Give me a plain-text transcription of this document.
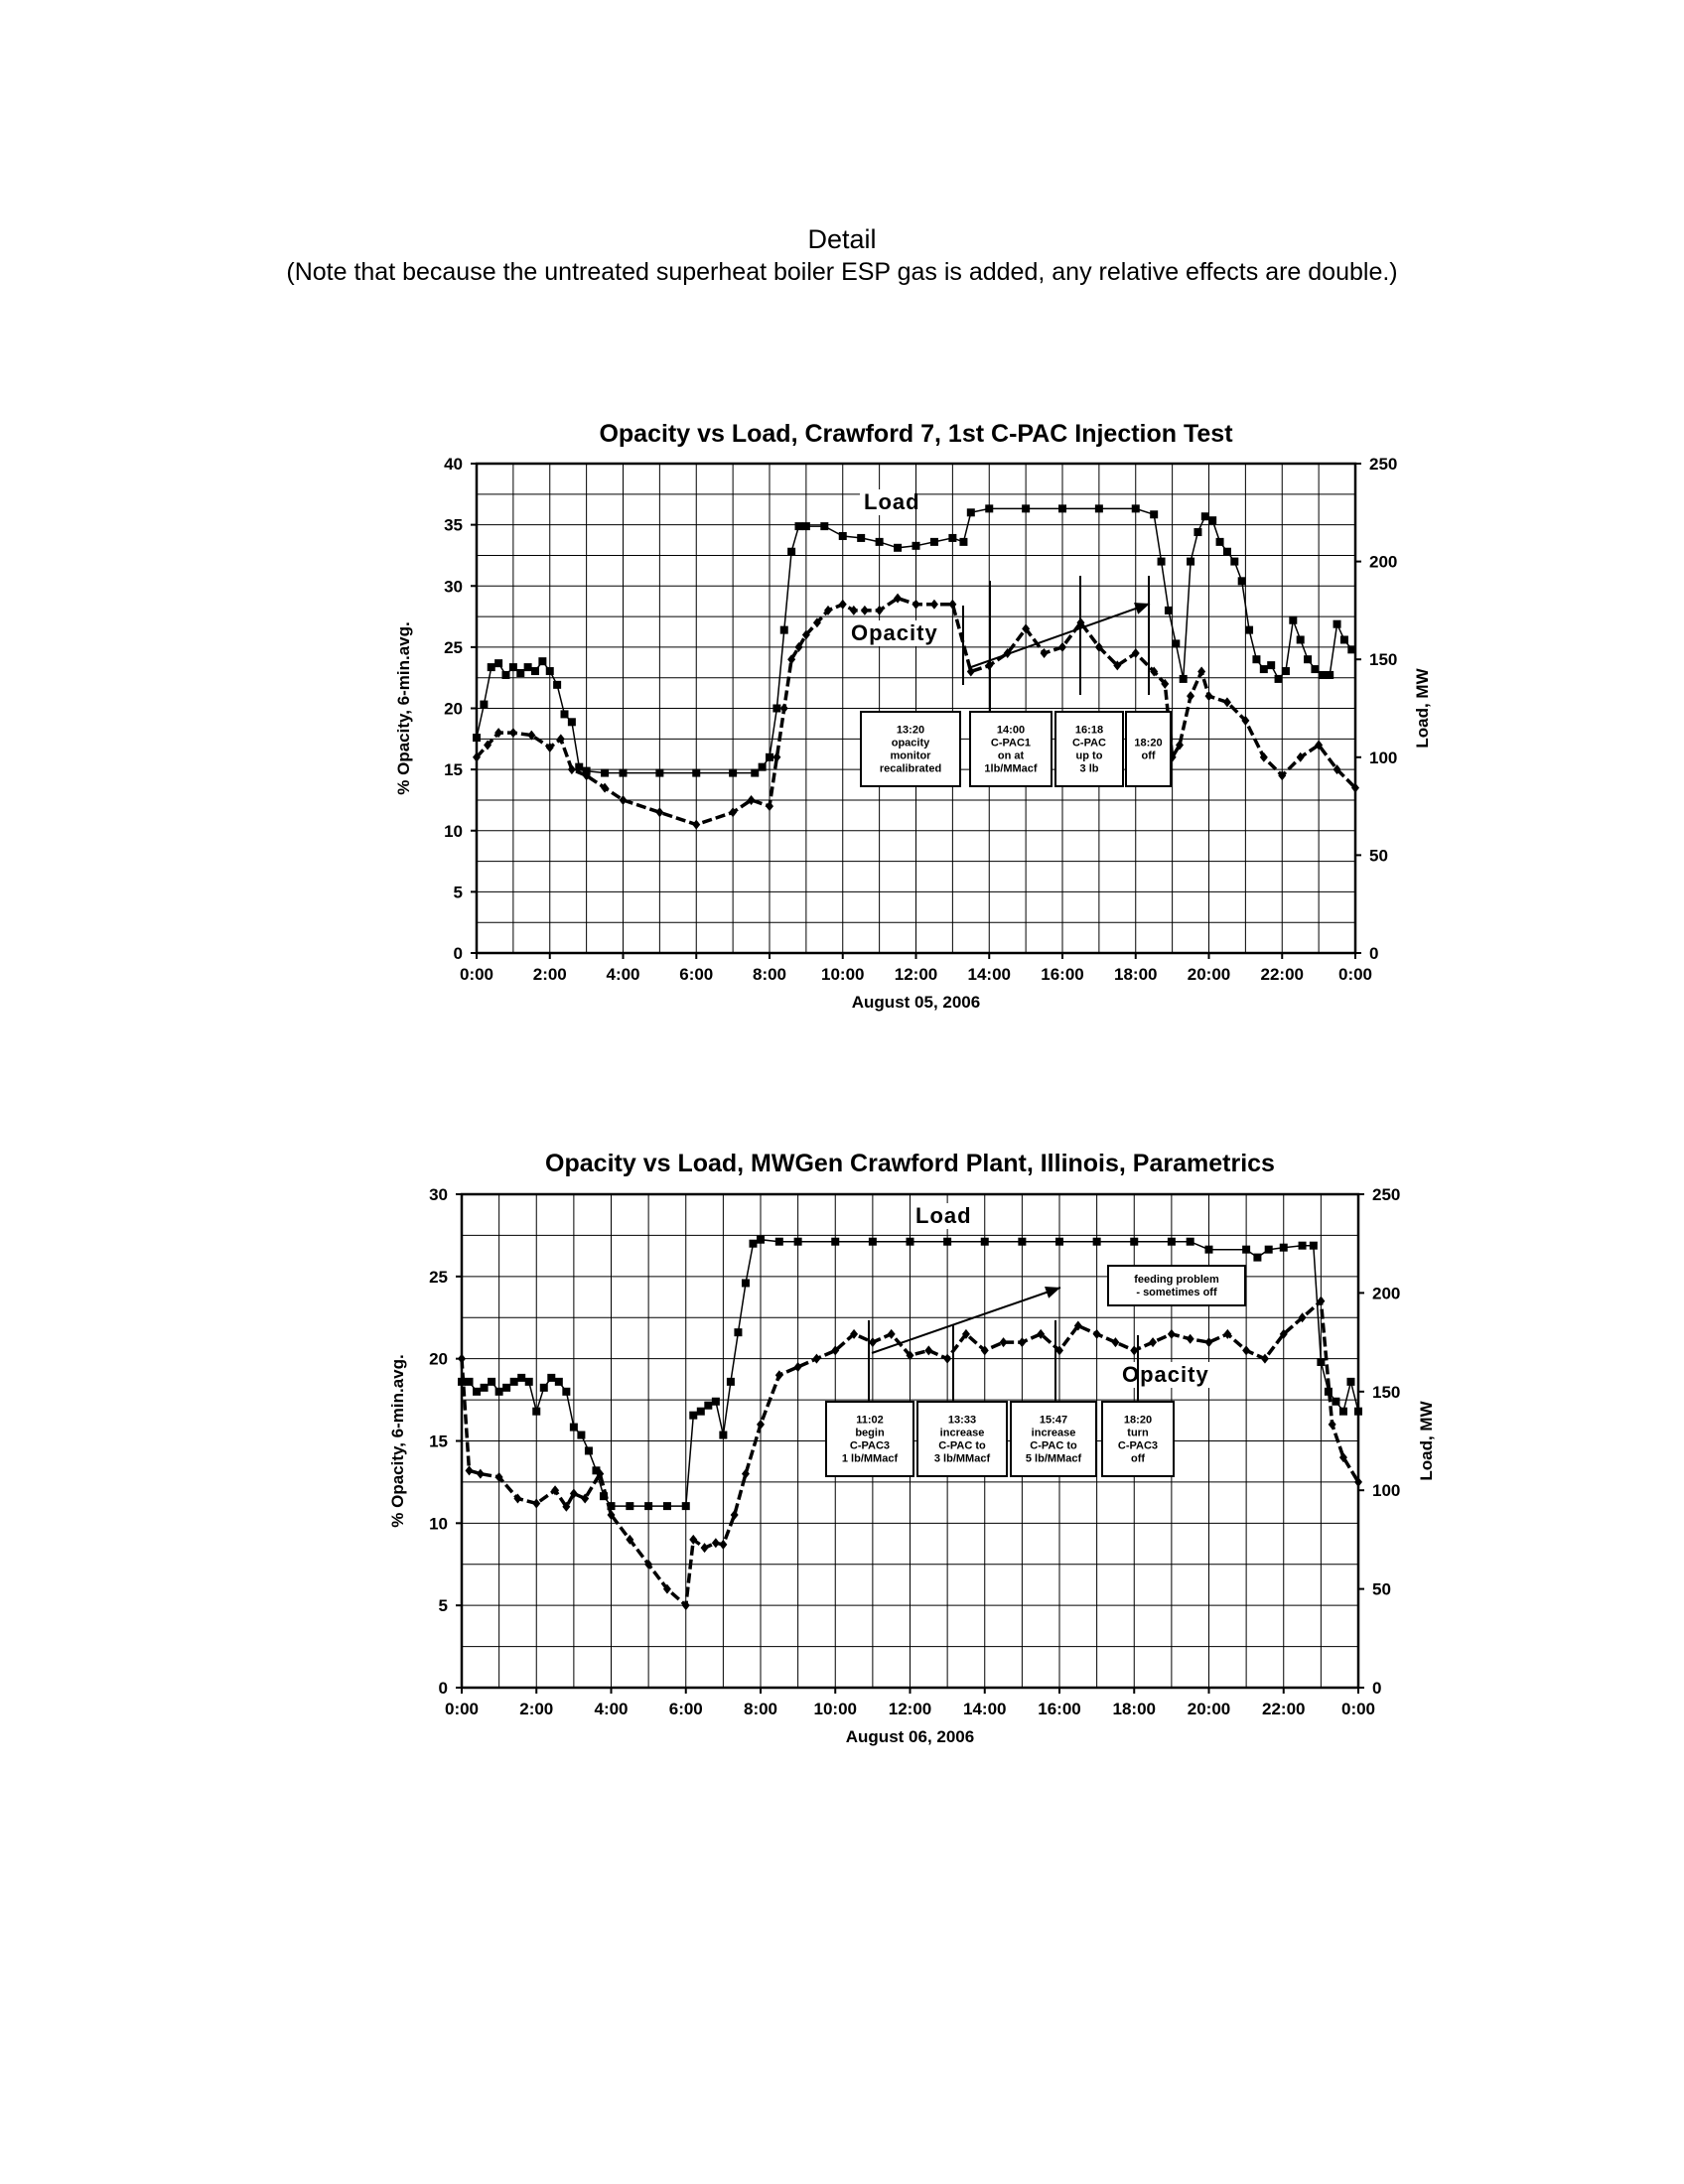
Detail
(Note that because the untreated superheat boiler ESP gas is added, any relative effects are double.)
Opacity vs Load, Crawford 7, 1st C-PAC Injection Test
0:00 2:00 4:00 6:00 8:00 10:00 12:00 14:00 16:00 18:00 20:00 22:00 0:00
0
5
10
15
20
25
30
35
40
0
50
100
150
200
250
August 05, 2006
% Opacity, 6-min.avg.	Load, MW
Load
Opacity
13:20
opacity
monitor
recalibrated
14:00
C-PAC1
on at
1lb/MMacf
16:18
C-PAC
up to
3 lb
18:20
off
Opacity vs Load, MWGen Crawford Plant, Illinois, Parametrics
0:00 2:00 4:00 6:00 8:00 10:00 12:00 14:00 16:00 18:00 20:00 22:00 0:00
0
5
10
15
20
25
30
0
50
100
150
200
250
August 06, 2006
% Opacity, 6-min.avg.	Load, MW
Load
Opacity
11:02
begin
C-PAC3
1 lb/MMacf
13:33
increase
C-PAC to
3 lb/MMacf
15:47
increase
C-PAC to
5 lb/MMacf
18:20
turn
C-PAC3
off
feeding problem
- sometimes off
